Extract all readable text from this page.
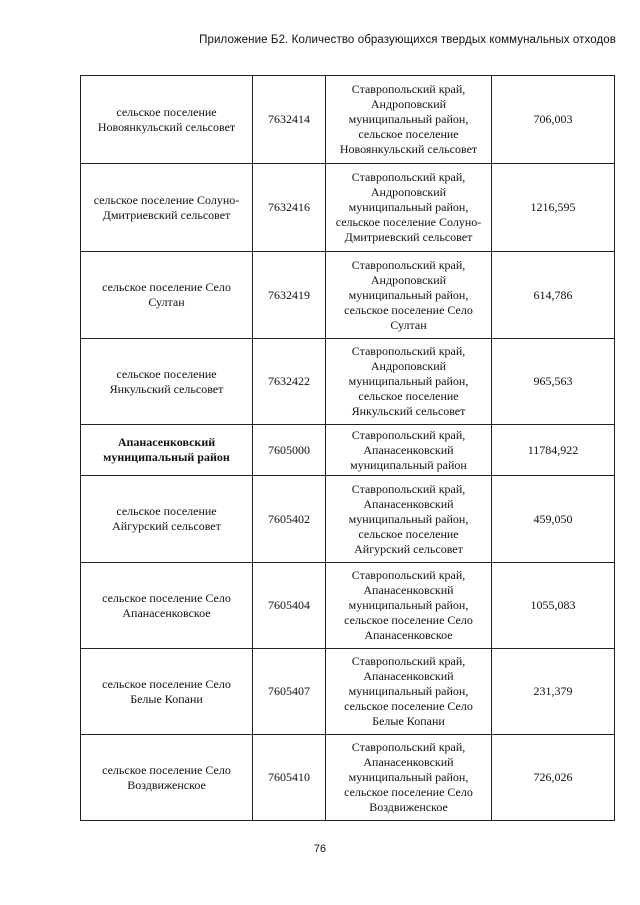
Приложение Б2. Количество образующихся твердых коммунальных отходов
сельское поселение Новоянкульский сельсовет	7632414	Ставропольский край, Андроповский муниципальный район, сельское поселение Новоянкульский сельсовет	706,003
сельское поселение Солуно-Дмитриевский сельсовет	7632416	Ставропольский край, Андроповский муниципальный район, сельское поселение Солуно-Дмитриевский сельсовет	1216,595
сельское поселение Село Султан	7632419	Ставропольский край, Андроповский муниципальный район, сельское поселение Село Султан	614,786
сельское поселение Янкульский сельсовет	7632422	Ставропольский край, Андроповский муниципальный район, сельское поселение Янкульский сельсовет	965,563
Апанасенковский муниципальный район	7605000	Ставропольский край, Апанасенковский муниципальный район	11784,922
сельское поселение Айгурский сельсовет	7605402	Ставропольский край, Апанасенковский муниципальный район, сельское поселение Айгурский сельсовет	459,050
сельское поселение Село Апанасенковское	7605404	Ставропольский край, Апанасенковский муниципальный район, сельское поселение Село Апанасенковское	1055,083
сельское поселение Село Белые Копани	7605407	Ставропольский край, Апанасенковский муниципальный район, сельское поселение Село Белые Копани	231,379
сельское поселение Село Воздвиженское	7605410	Ставропольский край, Апанасенковский муниципальный район, сельское поселение Село Воздвиженское	726,026
76
